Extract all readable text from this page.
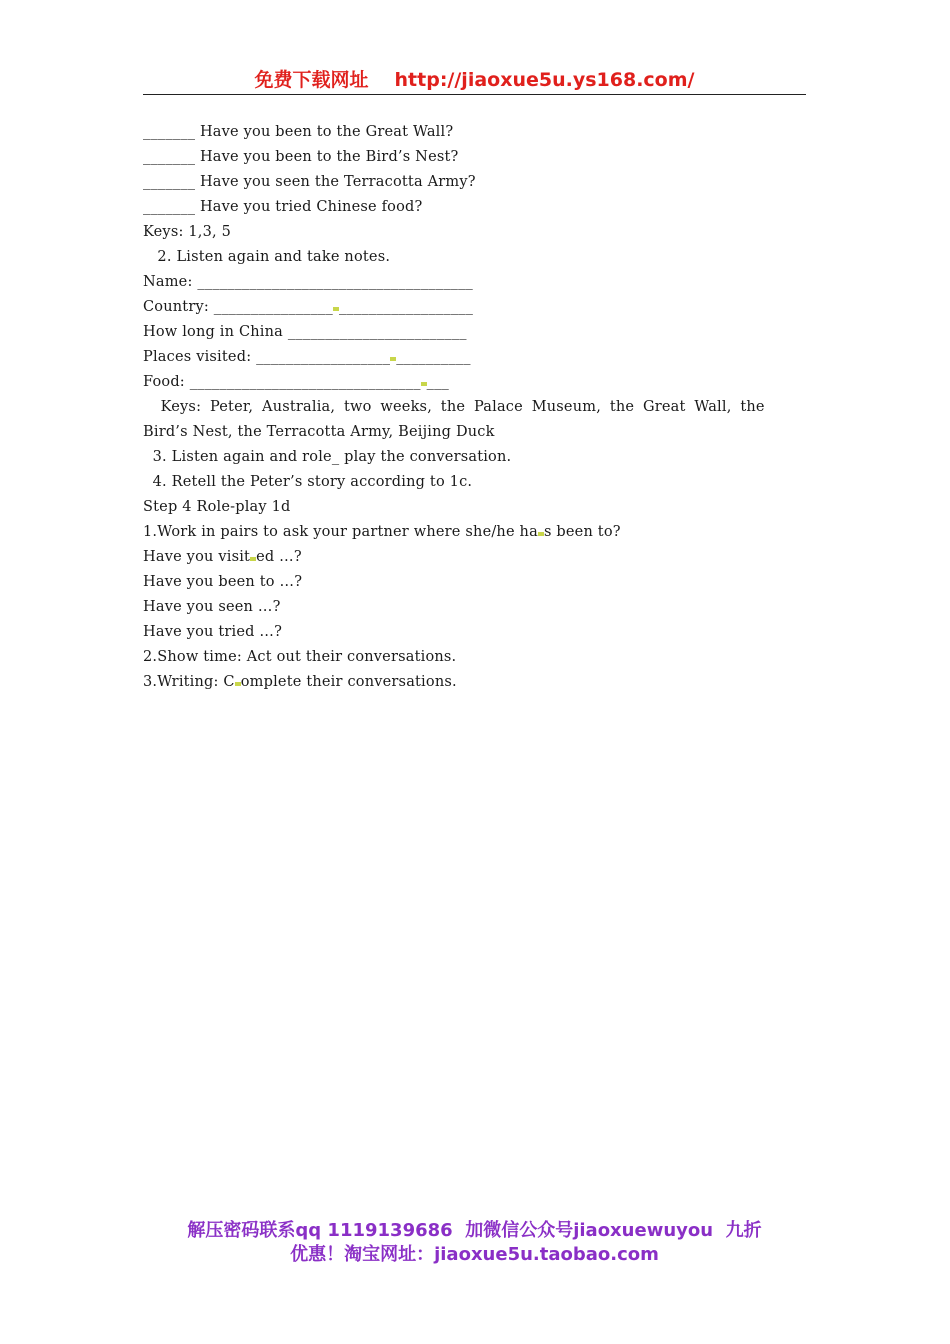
免费下载网址 http://jiaoxue5u.ys168.com/
_______ Have you been to the Great Wall?
_______ Have you been to the Bird’s Nest?
_______ Have you seen the Terracotta Army?
_______ Have you tried Chinese food?
Keys: 1,3, 5
2. Listen again and take notes.
Name: _____________________________________
Country: ________________ __________________
How long in China ________________________
Places visited: __________________ __________
Food: _______________________________ ___
Keys: Peter, Australia, two weeks, the Palace Museum, the Great Wall, the
Bird’s Nest, the Terracotta Army, Beijing Duck
3. Listen again and role_ play the conversation.
4. Retell the Peter’s story according to 1c.
Step 4 Role-play 1d
1.Work in pairs to ask your partner where she/he ha s been to?
Have you visit ed …?
Have you been to …?
Have you seen …?
Have you tried …?
2.Show time: Act out their conversations.
3.Writing: C omplete their conversations.
解压密码联系qq 1119139686  加微信公众号jiaoxuewuyou  九折
优惠！淘宝网址：jiaoxue5u.taobao.com
